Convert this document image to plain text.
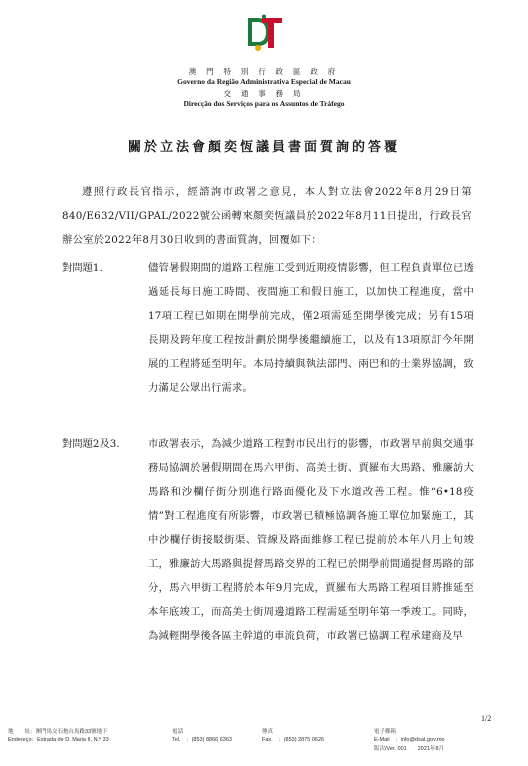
澳 門 特 別 行 政 區 政 府
Governo da Região Administrativa Especial de Macau
交 通 事 務 局
Direcção dos Serviços para os Assuntos de Tráfego
關於立法會顏奕恆議員書面質詢的答覆
遵照行政長官指示，經諮詢市政署之意見，本人對立法會2022年8月29日第840/E632/VII/GPAL/2022號公函轉來顏奕恆議員於2022年8月11日提出，行政長官辦公室於2022年8月30日收到的書面質詢，回覆如下：
對問題1.	儘管暑假期間的道路工程施工受到近期疫情影響，但工程負責單位已透過延長每日施工時間、夜間施工和假日施工，以加快工程進度，當中17項工程已如期在開學前完成，僅2項需延至開學後完成；另有15項長期及跨年度工程按計劃於開學後繼續施工，以及有13項原訂今年開展的工程將延至明年。本局持續與執法部門、兩巴和的士業界協調，致力滿足公眾出行需求。
對問題2及3.	市政署表示，為減少道路工程對市民出行的影響，市政署早前與交通事務局協調於暑假期間在馬六甲街、高美士街、賈羅布大馬路、雅廉訪大馬路和沙欄仔街分別進行路面優化及下水道改善工程。惟“6•18疫情”對工程進度有所影響，市政署已積極協調各施工單位加緊施工，其中沙欄仔街接駁街渠、管線及路面維修工程已提前於本年八月上旬竣工，雅廉訪大馬路與提督馬路交界的工程已於開學前間通提督馬路的部分，馬六甲街工程將於本年9月完成，賈羅布大馬路工程項目將推延至本年底竣工，而高美士街周邊道路工程需延至明年第一季竣工。同時，為減輕開學後各區主幹道的車流負荷，市政署已協調工程承建商及早
1/2
地　　址：澳門馬交石炮台馬路33號地下
Endereço：Estrada de D. Maria II, N.º 33
電話
Tel.　：(853) 8866 6363
傳真
Fax.　：(853) 2875 0626
電子郵箱
E-Mail　：info@dsat.gov.mo
版次/Ver. 001　　2021年8月
